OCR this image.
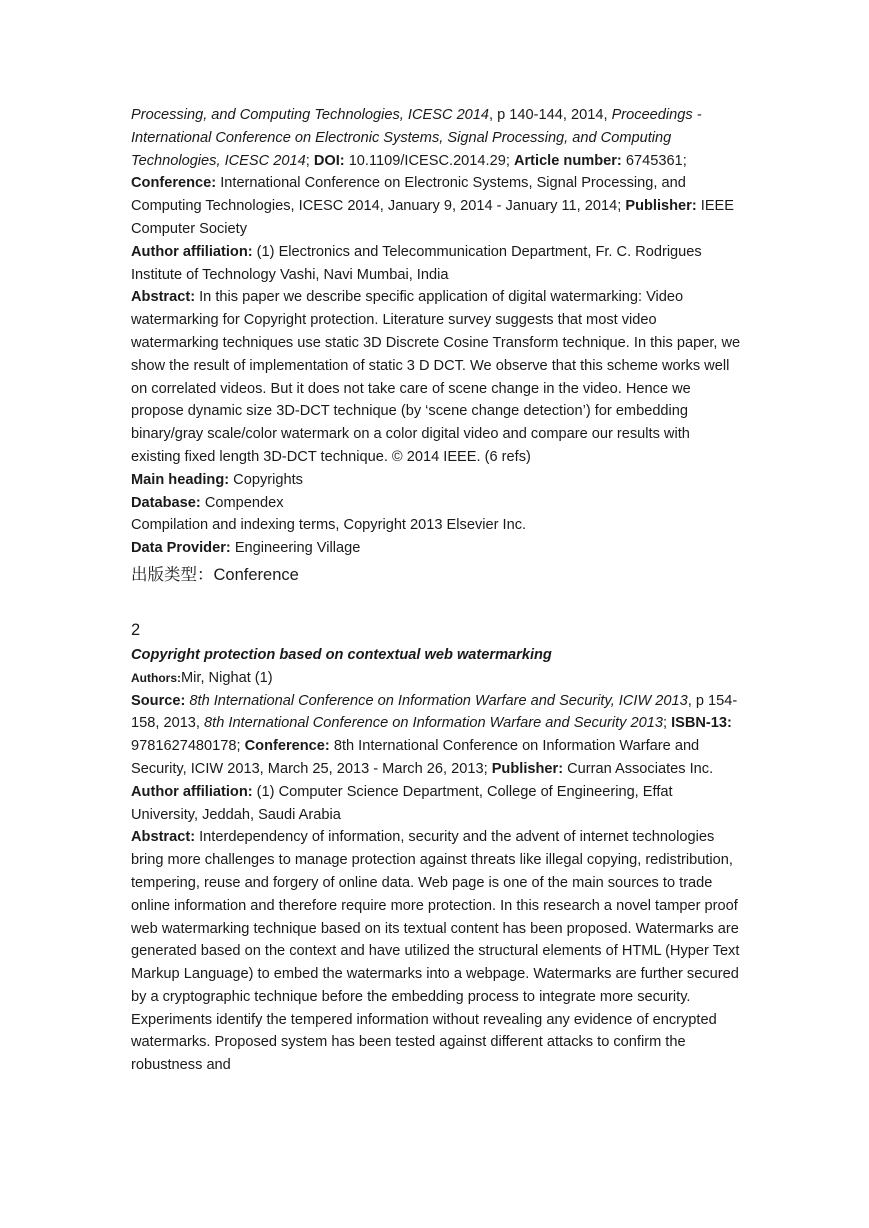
Processing, and Computing Technologies, ICESC 2014, p 140-144, 2014, Proceedings - International Conference on Electronic Systems, Signal Processing, and Computing Technologies, ICESC 2014; DOI: 10.1109/ICESC.2014.29; Article number: 6745361; Conference: International Conference on Electronic Systems, Signal Processing, and Computing Technologies, ICESC 2014, January 9, 2014 - January 11, 2014; Publisher: IEEE Computer Society

Author affiliation: (1) Electronics and Telecommunication Department, Fr. C. Rodrigues Institute of Technology Vashi, Navi Mumbai, India

Abstract: In this paper we describe specific application of digital watermarking: Video watermarking for Copyright protection. Literature survey suggests that most video watermarking techniques use static 3D Discrete Cosine Transform technique. In this paper, we show the result of implementation of static 3 D DCT. We observe that this scheme works well on correlated videos. But it does not take care of scene change in the video. Hence we propose dynamic size 3D-DCT technique (by ‘scene change detection’) for embedding binary/gray scale/color watermark on a color digital video and compare our results with existing fixed length 3D-DCT technique. © 2014 IEEE. (6 refs)

Main heading: Copyrights

Database: Compendex

Compilation and indexing terms, Copyright 2013 Elsevier Inc.

Data Provider: Engineering Village

出版类型：Conference

2

Copyright protection based on contextual web watermarking

Authors:Mir, Nighat (1)

Source: 8th International Conference on Information Warfare and Security, ICIW 2013, p 154-158, 2013, 8th International Conference on Information Warfare and Security 2013; ISBN-13: 9781627480178; Conference: 8th International Conference on Information Warfare and Security, ICIW 2013, March 25, 2013 - March 26, 2013; Publisher: Curran Associates Inc.

Author affiliation: (1) Computer Science Department, College of Engineering, Effat University, Jeddah, Saudi Arabia

Abstract: Interdependency of information, security and the advent of internet technologies bring more challenges to manage protection against threats like illegal copying, redistribution, tempering, reuse and forgery of online data. Web page is one of the main sources to trade online information and therefore require more protection. In this research a novel tamper proof web watermarking technique based on its textual content has been proposed. Watermarks are generated based on the context and have utilized the structural elements of HTML (Hyper Text Markup Language) to embed the watermarks into a webpage. Watermarks are further secured by a cryptographic technique before the embedding process to integrate more security. Experiments identify the tempered information without revealing any evidence of encrypted watermarks. Proposed system has been tested against different attacks to confirm the robustness and
